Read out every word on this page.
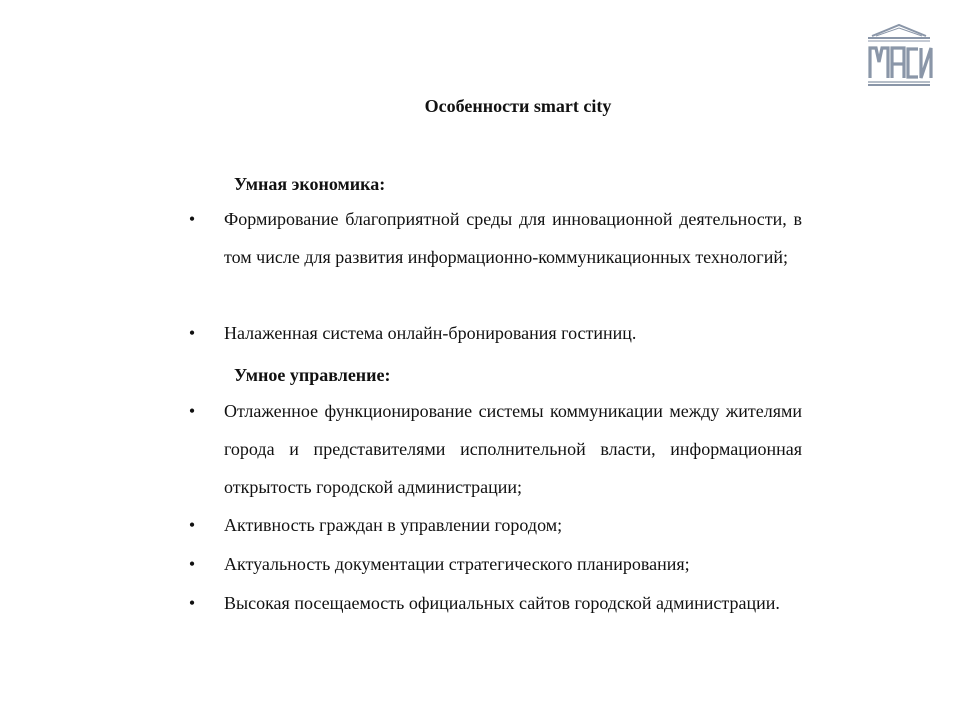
Особенности smart city
Умная экономика:
• Формирование благоприятной среды для инновационной деятельности, в том числе для развития информационно-коммуникационных технологий;
• Налаженная система онлайн-бронирования гостиниц.
Умное управление:
• Отлаженное функционирование системы коммуникации между жителями города и представителями исполнительной власти, информационная открытость городской администрации;
• Активность граждан в управлении городом;
• Актуальность документации стратегического планирования;
• Высокая посещаемость официальных сайтов городской администрации.
